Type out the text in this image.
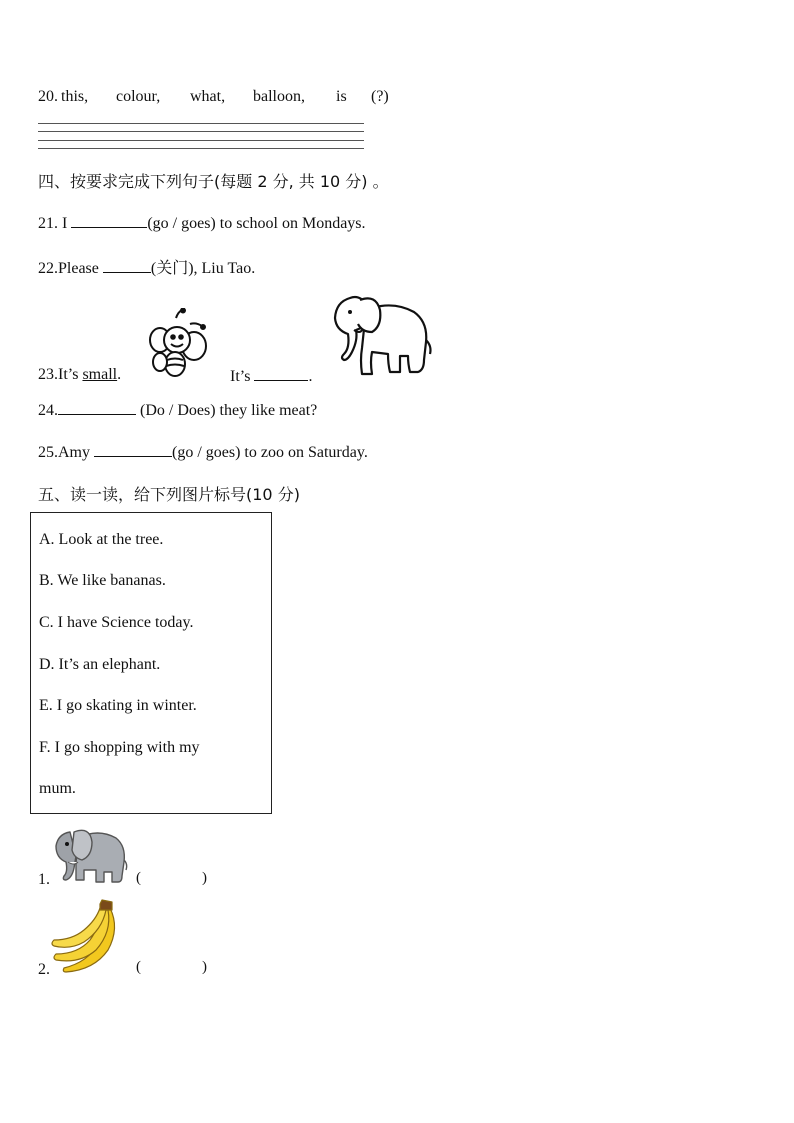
20. this, colour, what, balloon, is (?)
四、按要求完成下列句子(每题 2 分, 共 10 分) 。
21. I	(go / goes) to school on Mondays.
22.Please	(关门), Liu Tao.
23.It’s small.	It’s	.
24.	(Do / Does) they like meat?
25.Amy	(go / goes) to zoo on Saturday.
五、读一读，给下列图片标号(10 分)
A. Look at the tree.
B. We like bananas.
C. I have Science today.
D. It’s an elephant.
E. I go skating in winter.
F. I go shopping with my
mum.
1.	(	)
2.	(	)
